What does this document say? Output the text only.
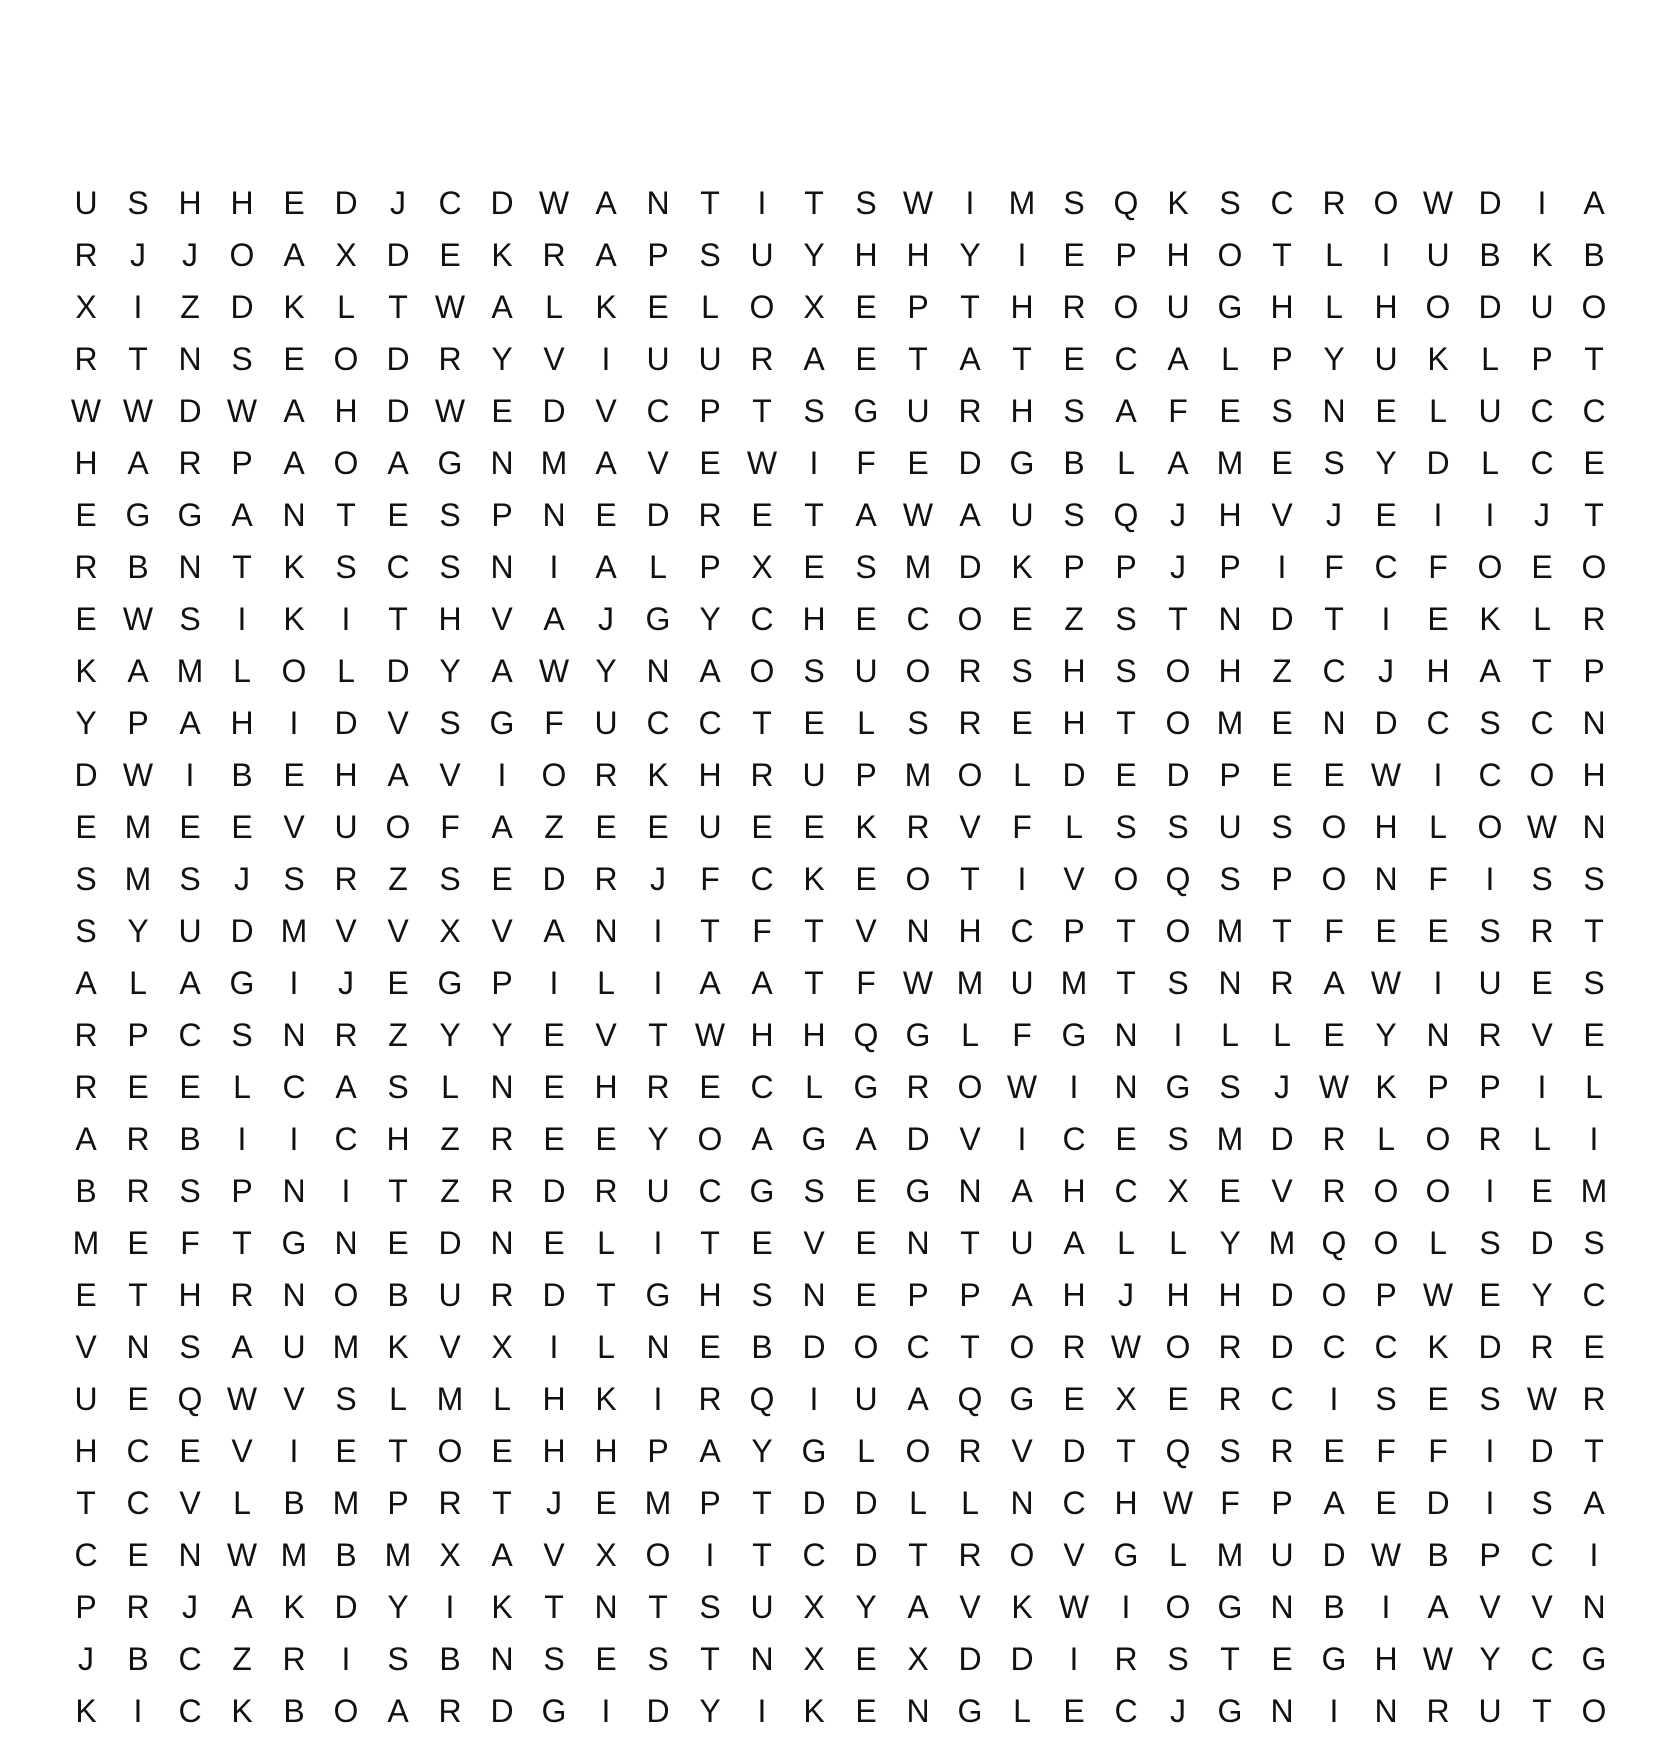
U S H H E D	J	C D W A N T	I	T S W	I	M S Q K S C R O W D	I	A
R	J	J O A X D E K R A P S U Y H H Y	I	E P H O T	L	I	U B K B
X	I	Z D K	L	T W A	L	K E	L O X E P T H R O U G H L H O D U O
R T N S E O D R Y V	I	U U R A E T A T E C A	L	P Y U K	L	P T
W W D W A H D W E D V C P T S G U R H S A F E S N E	L U C C
H A R P A O A G N M A V E W	I	F E D G B	L	A M E S Y D L C E
E G G A N T E S P N E D R E T A W A U S Q J	H V	J	E	I	I	J	T
R B N T K S C S N	I	A	L	P X E S M D K P P	J	P	I	F C F O E O
E W S	I	K	I	T H V A	J G Y C H E C O E Z S T N D T	I	E K	L R
K A M L O L D Y A W Y N A O S U O R S H S O H Z C	J	H A T P
Y P A H	I	D V S G F U C C T E	L	S R E H T O M E N D C S C N
D W	I	B E H A V	I	O R K H R U P M O L D E D P E E W	I	C O H
E M E E V U O F A Z E E U E E K R V F	L	S S U S O H L O W N
S M S	J	S R Z S E D R	J	F C K E O T	I	V O Q S P O N F	I	S S
S Y U D M V V X V A N	I	T	F	T V N H C P T O M T	F E E S R T
A	L	A G	I	J	E G P	I	L	I	A A T	F W M U M T S N R A W	I	U E S
R P C S N R Z Y Y E V T W H H Q G L	F G N	I	L	L	E Y N R V E
R E E	L C A S	L N E H R E C L G R O W	I	N G S	J W K P P	I	L
A R B	I	I	C H Z R E E Y O A G A D V	I	C E S M D R L O R L	I
B R S P N	I	T	Z R D R U C G S E G N A H C X E V R O O	I	E M
M E F	T G N E D N E	L	I	T E V E N T U A	L	L	Y M Q O L	S D S
E T H R N O B U R D T G H S N E P P A H	J	H H D O P W E Y C
V N S A U M K V X	I	L N E B D O C T O R W O R D C C K D R E
U E Q W V S	L M L H K	I	R Q	I	U A Q G E X E R C	I	S E S W R
H C E V	I	E T O E H H P A Y G L O R V D T Q S R E F	F	I	D T
T C V	L	B M P R T	J	E M P T D D L	L N C H W F P A E D	I	S A
C E N W M B M X A V X O	I	T C D T R O V G L M U D W B P C	I
P R	J	A K D Y	I	K T N T S U X Y A V K W	I	O G N B	I	A V V N
J	B C Z R	I	S B N S E S T N X E X D D	I	R S T E G H W Y C G
K	I	C K B O A R D G	I	D Y	I	K E N G L	E C	J G N	I	N R U T O
